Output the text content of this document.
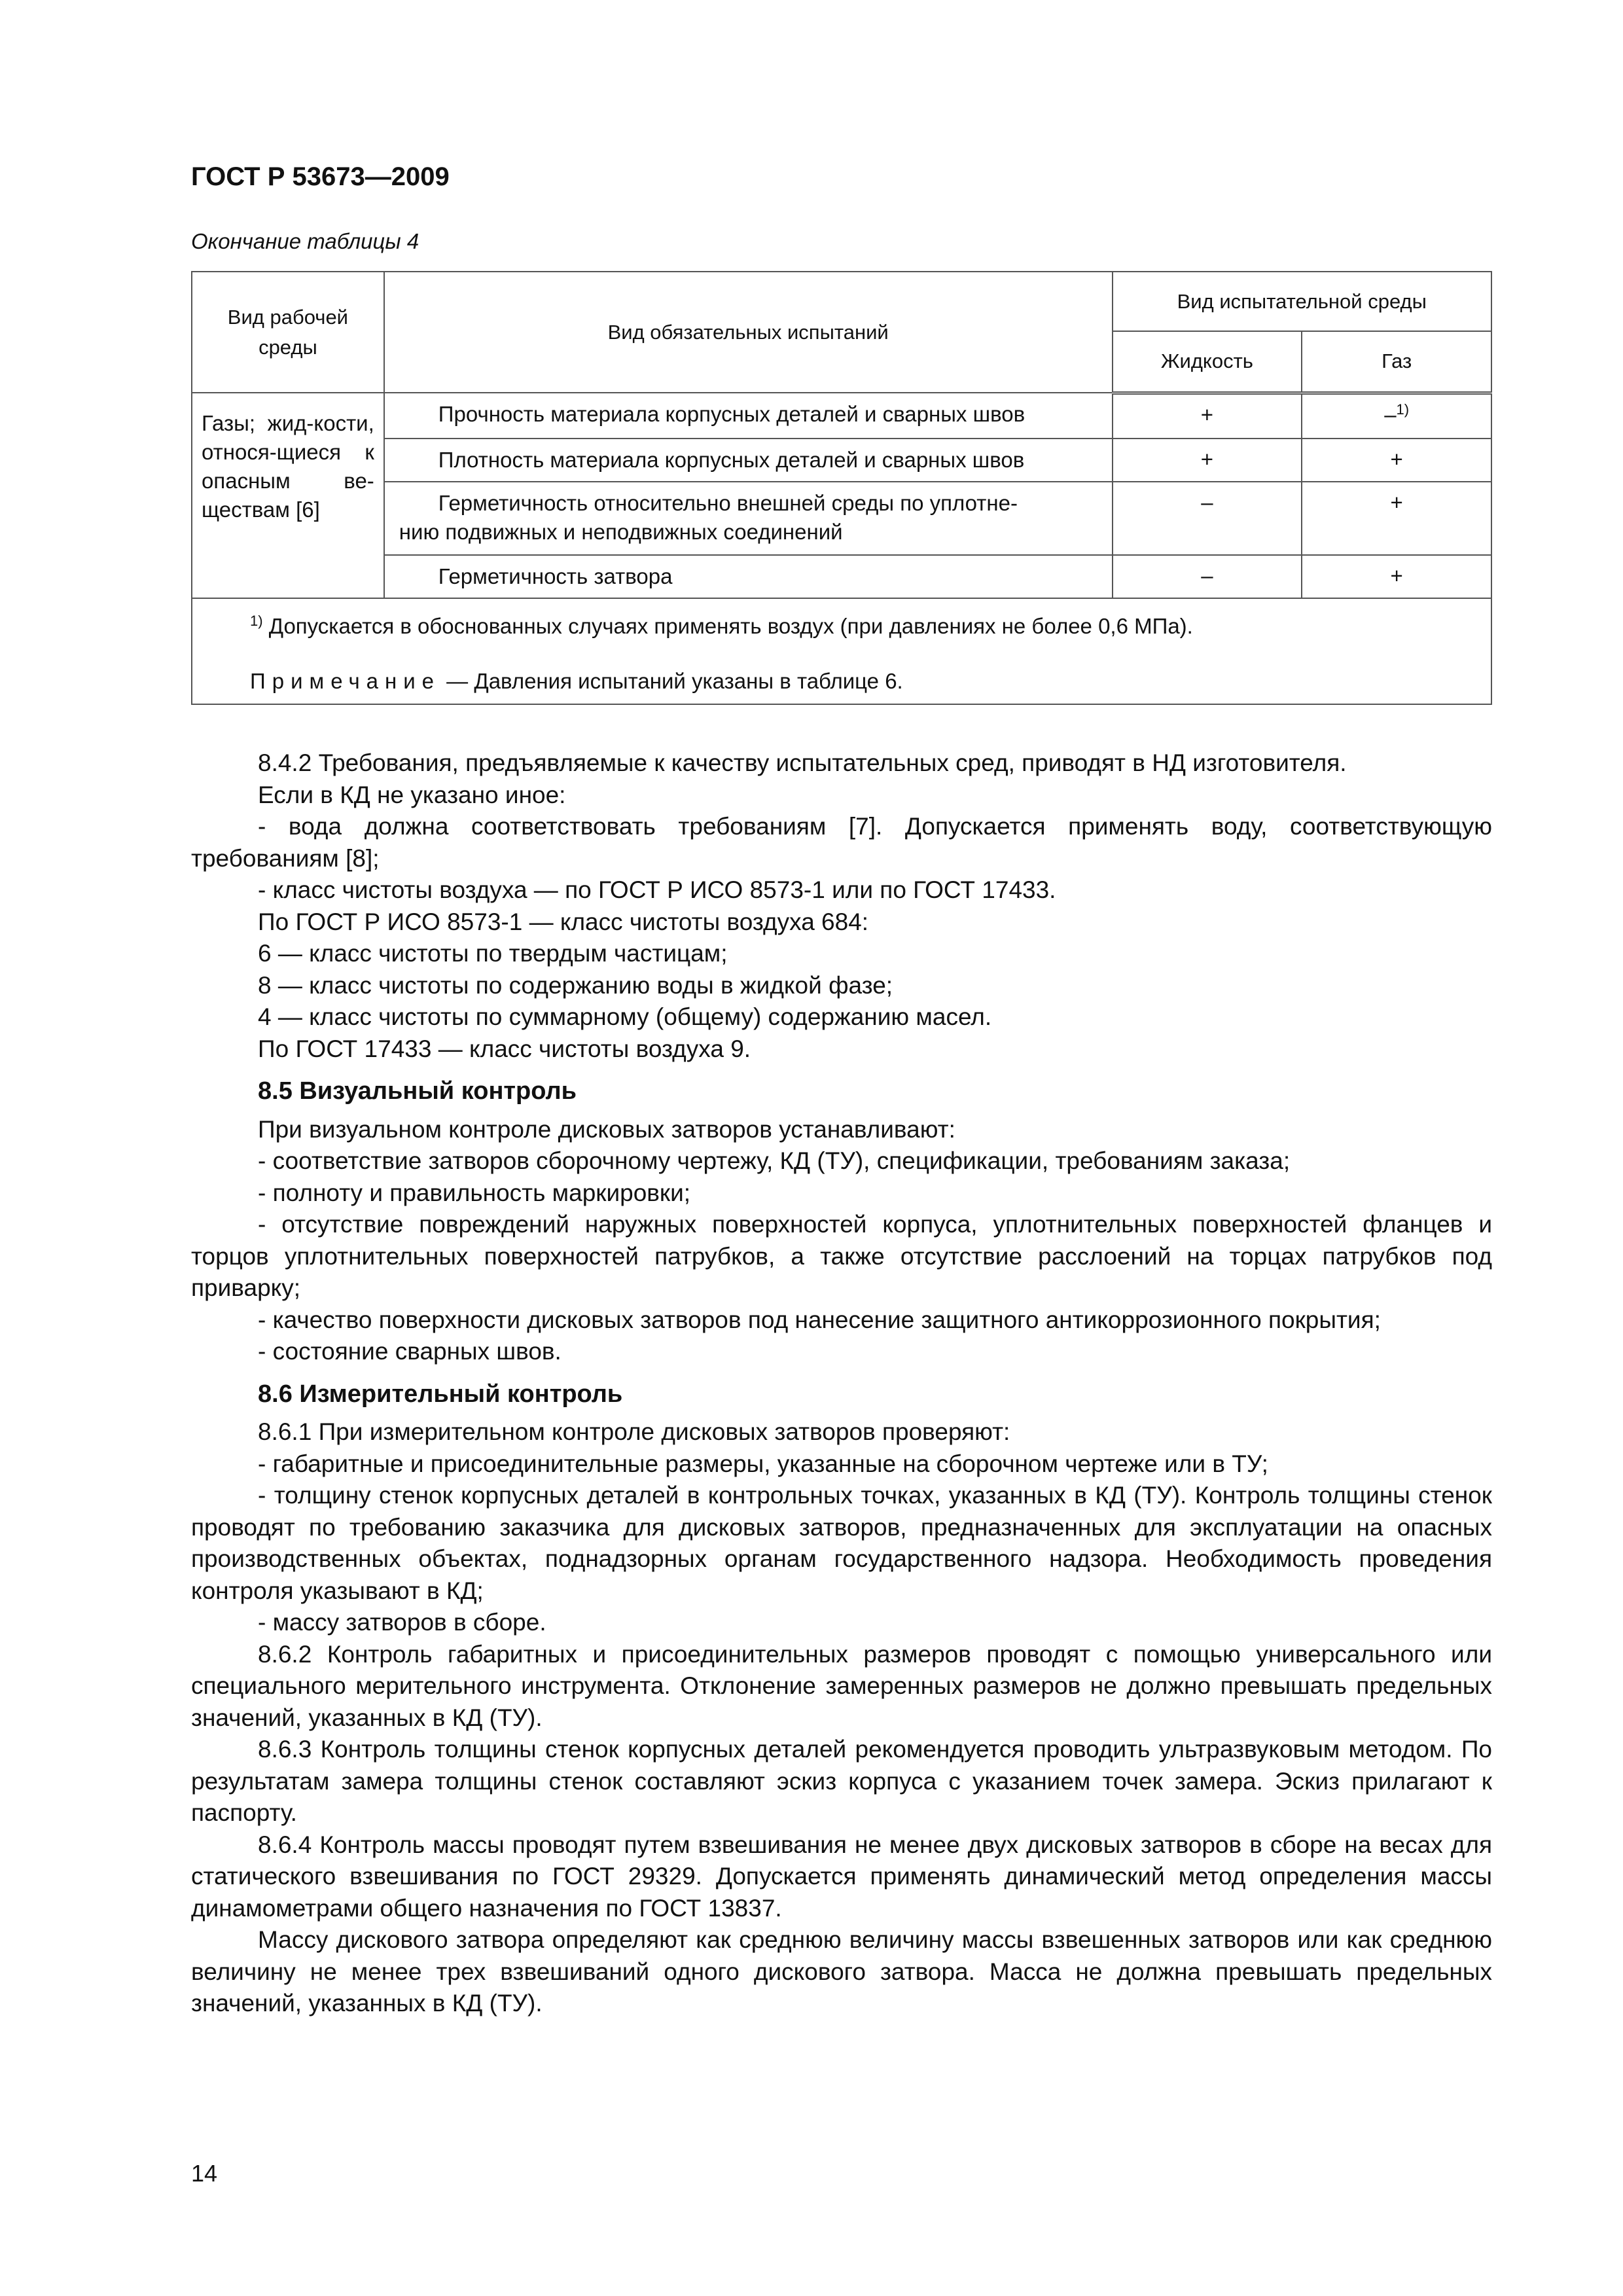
ГОСТ Р 53673—2009
Окончание таблицы 4
Вид рабочей среды	Вид обязательных испытаний	Вид испытательной среды	
		Жидкость	Газ
Газы; жид-кости, относя-щиеся к опасным ве-ществам [6]	Прочность материала корпусных деталей и сварных швов	+	–$^{1)}$
	Плотность материала корпусных деталей и сварных швов	+	+
	Герметичность относительно внешней среды по уплотне-
нию подвижных и неподвижных соединений	–	+
	Герметичность затвора	–	+

$^{1)}$ Допускается в обоснованных случаях применять воздух (при давлениях не более 0,6 МПа).
Примечание — Давления испытаний указаны в таблице 6.			

8.4.2 Требования, предъявляемые к качеству испытательных сред, приводят в НД изготовителя.

Если в КД не указано иное:

- вода должна соответствовать требованиям [7]. Допускается применять воду, соответствующую требованиям [8];

- класс чистоты воздуха — по ГОСТ Р ИСО 8573-1 или по ГОСТ 17433.

По ГОСТ Р ИСО 8573-1 — класс чистоты воздуха 684:

6 — класс чистоты по твердым частицам;

8 — класс чистоты по содержанию воды в жидкой фазе;

4 — класс чистоты по суммарному (общему) содержанию масел.

По ГОСТ 17433 — класс чистоты воздуха 9.

8.5 Визуальный контроль

При визуальном контроле дисковых затворов устанавливают:

- соответствие затворов сборочному чертежу, КД (ТУ), спецификации, требованиям заказа;

- полноту и правильность маркировки;

- отсутствие повреждений наружных поверхностей корпуса, уплотнительных поверхностей фланцев и торцов уплотнительных поверхностей патрубков, а также отсутствие расслоений на торцах патрубков под приварку;

- качество поверхности дисковых затворов под нанесение защитного антикоррозионного покрытия;

- состояние сварных швов.

8.6 Измерительный контроль

8.6.1 При измерительном контроле дисковых затворов проверяют:

- габаритные и присоединительные размеры, указанные на сборочном чертеже или в ТУ;

- толщину стенок корпусных деталей в контрольных точках, указанных в КД (ТУ). Контроль толщины стенок проводят по требованию заказчика для дисковых затворов, предназначенных для эксплуатации на опасных производственных объектах, поднадзорных органам государственного надзора. Необходимость проведения контроля указывают в КД;

- массу затворов в сборе.

8.6.2 Контроль габаритных и присоединительных размеров проводят с помощью универсального или специального мерительного инструмента. Отклонение замеренных размеров не должно превышать предельных значений, указанных в КД (ТУ).

8.6.3 Контроль толщины стенок корпусных деталей рекомендуется проводить ультразвуковым методом. По результатам замера толщины стенок составляют эскиз корпуса с указанием точек замера. Эскиз прилагают к паспорту.

8.6.4 Контроль массы проводят путем взвешивания не менее двух дисковых затворов в сборе на весах для статического взвешивания по ГОСТ 29329. Допускается применять динамический метод определения массы динамометрами общего назначения по ГОСТ 13837.

Массу дискового затвора определяют как среднюю величину массы взвешенных затворов или как среднюю величину не менее трех взвешиваний одного дискового затвора. Масса не должна превышать предельных значений, указанных в КД (ТУ).

14
